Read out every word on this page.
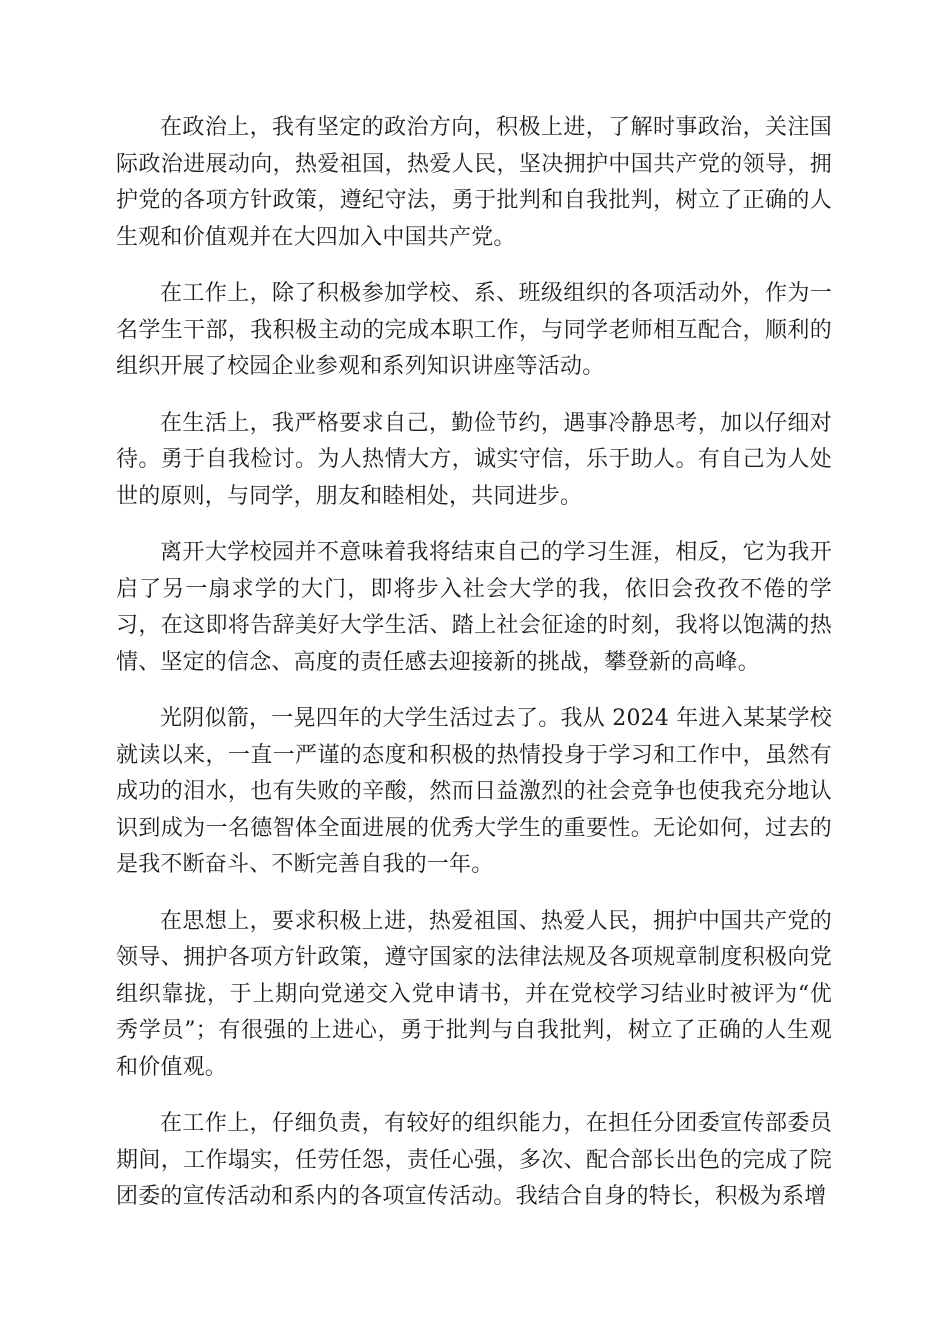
在政治上，我有坚定的政治方向，积极上进，了解时事政治，关注国际政治进展动向，热爱祖国，热爱人民，坚决拥护中国共产党的领导，拥护党的各项方针政策，遵纪守法，勇于批判和自我批判，树立了正确的人生观和价值观并在大四加入中国共产党。

在工作上，除了积极参加学校、系、班级组织的各项活动外，作为一名学生干部，我积极主动的完成本职工作，与同学老师相互配合，顺利的组织开展了校园企业参观和系列知识讲座等活动。

在生活上，我严格要求自己，勤俭节约，遇事冷静思考，加以仔细对待。勇于自我检讨。为人热情大方，诚实守信，乐于助人。有自己为人处世的原则，与同学，朋友和睦相处，共同进步。

离开大学校园并不意味着我将结束自己的学习生涯，相反，它为我开启了另一扇求学的大门，即将步入社会大学的我，依旧会孜孜不倦的学习，在这即将告辞美好大学生活、踏上社会征途的时刻，我将以饱满的热情、坚定的信念、高度的责任感去迎接新的挑战，攀登新的高峰。

光阴似箭，一晃四年的大学生活过去了。我从 2024 年进入某某学校就读以来，一直一严谨的态度和积极的热情投身于学习和工作中，虽然有成功的泪水，也有失败的辛酸，然而日益激烈的社会竞争也使我充分地认识到成为一名德智体全面进展的优秀大学生的重要性。无论如何，过去的是我不断奋斗、不断完善自我的一年。

在思想上，要求积极上进，热爱祖国、热爱人民，拥护中国共产党的领导、拥护各项方针政策，遵守国家的法律法规及各项规章制度积极向党组织靠拢，于上期向党递交入党申请书，并在党校学习结业时被评为“优秀学员”；有很强的上进心，勇于批判与自我批判，树立了正确的人生观和价值观。

在工作上，仔细负责，有较好的组织能力，在担任分团委宣传部委员期间，工作塌实，任劳任怨，责任心强，多次、配合部长出色的完成了院团委的宣传活动和系内的各项宣传活动。我结合自身的特长，积极为系增
